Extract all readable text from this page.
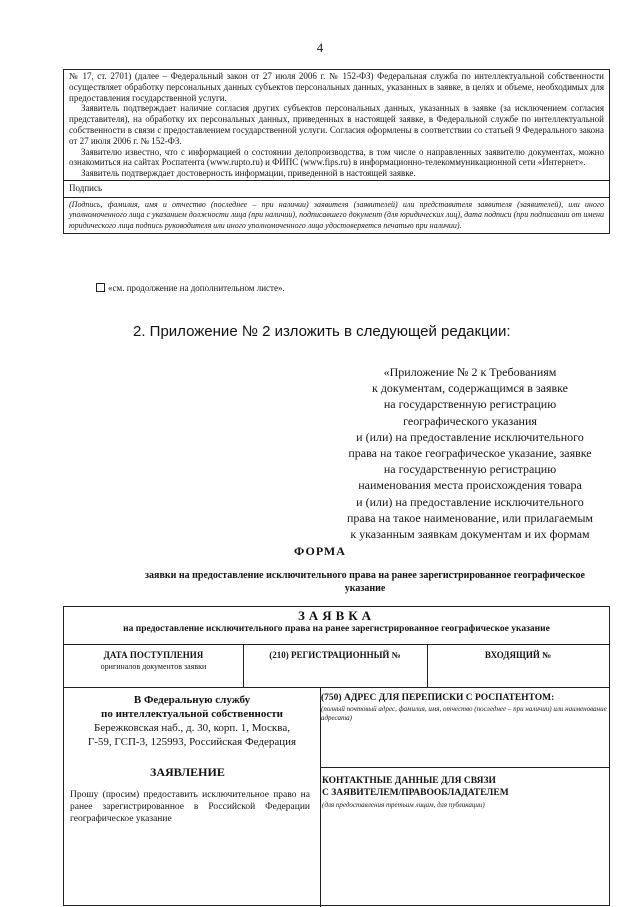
4

№ 17, ст. 2701) (далее – Федеральный закон от 27 июля 2006 г. № 152-ФЗ) Федеральная служба по интеллектуальной собственности осуществляет обработку персональных данных субъектов персональных данных, указанных в заявке, в целях и объеме, необходимых для предоставления государственной услуги.

Заявитель подтверждает наличие согласия других субъектов персональных данных, указанных в заявке (за исключением согласия представителя), на обработку их персональных данных, приведенных в настоящей заявке, в Федеральной службе по интеллектуальной собственности в связи с предоставлением государственной услуги. Согласия оформлены в соответствии со статьей 9 Федерального закона от 27 июля 2006 г. № 152-ФЗ.

Заявителю известно, что с информацией о состоянии делопроизводства, в том числе о направленных заявителю документах, можно ознакомиться на сайтах Роспатента (www.rupto.ru) и ФИПС (www.fips.ru) в информационно-телекоммуникационной сети «Интернет».

Заявитель подтверждает достоверность информации, приведенной в настоящей заявке.

Подпись
(Подпись, фамилия, имя и отчество (последнее – при наличии) заявителя (заявителей) или представителя заявителя (заявителей), или иного уполномоченного лица с указанием должности лица (при наличии), подписавшего документ (для юридических лиц), дата подписи (при подписании от имени юридического лица подпись руководителя или иного уполномоченного лица удостоверяется печатью при наличии).
«см. продолжение на дополнительном листе».
2. Приложение № 2 изложить в следующей редакции:
«Приложение № 2 к Требованиям
к документам, содержащимся в заявке
на государственную регистрацию
географического указания
и (или) на предоставление исключительного
права на такое географическое указание, заявке
на государственную регистрацию
наименования места происхождения товара
и (или) на предоставление исключительного
права на такое наименование, или прилагаемым
к указанным заявкам документам и их формам
ФОРМА
заявки на предоставление исключительного права на ранее зарегистрированное географическое указание
ЗАЯВКА
на предоставление исключительного права на ранее зарегистрированное географическое указание
ДАТА ПОСТУПЛЕНИЯ
оригиналов документов заявки
(210) РЕГИСТРАЦИОННЫЙ №	ВХОДЯЩИЙ №
В Федеральную службу
по интеллектуальной собственности
Бережковская наб., д. 30, корп. 1, Москва,
Г-59, ГСП-3, 125993, Российская Федерация
ЗАЯВЛЕНИЕ
Прошу (просим) предоставить исключительное право на ранее зарегистрированное в Российской Федерации географическое указание
(750) АДРЕС ДЛЯ ПЕРЕПИСКИ С РОСПАТЕНТОМ:
(полный почтовый адрес, фамилия, имя, отчество (последнее – при наличии) или наименование адресата)
КОНТАКТНЫЕ ДАННЫЕ ДЛЯ СВЯЗИ
С ЗАЯВИТЕЛЕМ/ПРАВООБЛАДАТЕЛЕМ
(для предоставления третьим лицам, для публикации)
